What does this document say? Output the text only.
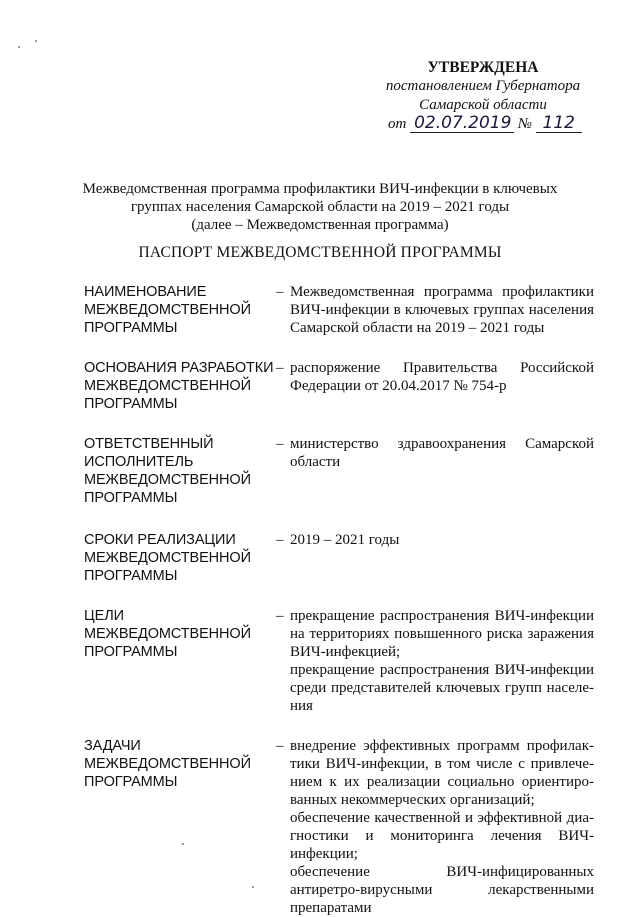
УТВЕРЖДЕНА
постановлением Губернатора
Самарской области
от 02.07.2019 № 112
Межведомственная программа профилактики ВИЧ-инфекции в ключевых
группах населения Самарской области на 2019 – 2021 годы
(далее – Межведомственная программа)
ПАСПОРТ МЕЖВЕДОМСТВЕННОЙ ПРОГРАММЫ
НАИМЕНОВАНИЕ
МЕЖВЕДОМСТВЕННОЙ
ПРОГРАММЫ
– Межведомственная программа профилактики ВИЧ-инфекции в ключевых группах населения Самарской области на 2019 – 2021 годы

ОСНОВАНИЯ РАЗРАБОТКИ
МЕЖВЕДОМСТВЕННОЙ
ПРОГРАММЫ
– распоряжение Правительства Российской Федерации от 20.04.2017 № 754-р

ОТВЕТСТВЕННЫЙ
ИСПОЛНИТЕЛЬ
МЕЖВЕДОМСТВЕННОЙ
ПРОГРАММЫ
– министерство здравоохранения Самарской области

СРОКИ РЕАЛИЗАЦИИ
МЕЖВЕДОМСТВЕННОЙ
ПРОГРАММЫ
– 2019 – 2021 годы

ЦЕЛИ
МЕЖВЕДОМСТВЕННОЙ
ПРОГРАММЫ
– прекращение распространения ВИЧ-инфекции на территориях повышенного риска заражения ВИЧ-инфекцией;

прекращение распространения ВИЧ-инфекции среди представителей ключевых групп населе-ния

ЗАДАЧИ
МЕЖВЕДОМСТВЕННОЙ
ПРОГРАММЫ
– внедрение эффективных программ профилак-тики ВИЧ-инфекции, в том числе с привлече-нием к их реализации социально ориентиро-ванных некоммерческих организаций;

обеспечение качественной и эффективной диа-гностики и мониторинга лечения ВИЧ-инфекции;

обеспечение ВИЧ-инфицированных антиретро-вирусными лекарственными препаратами
